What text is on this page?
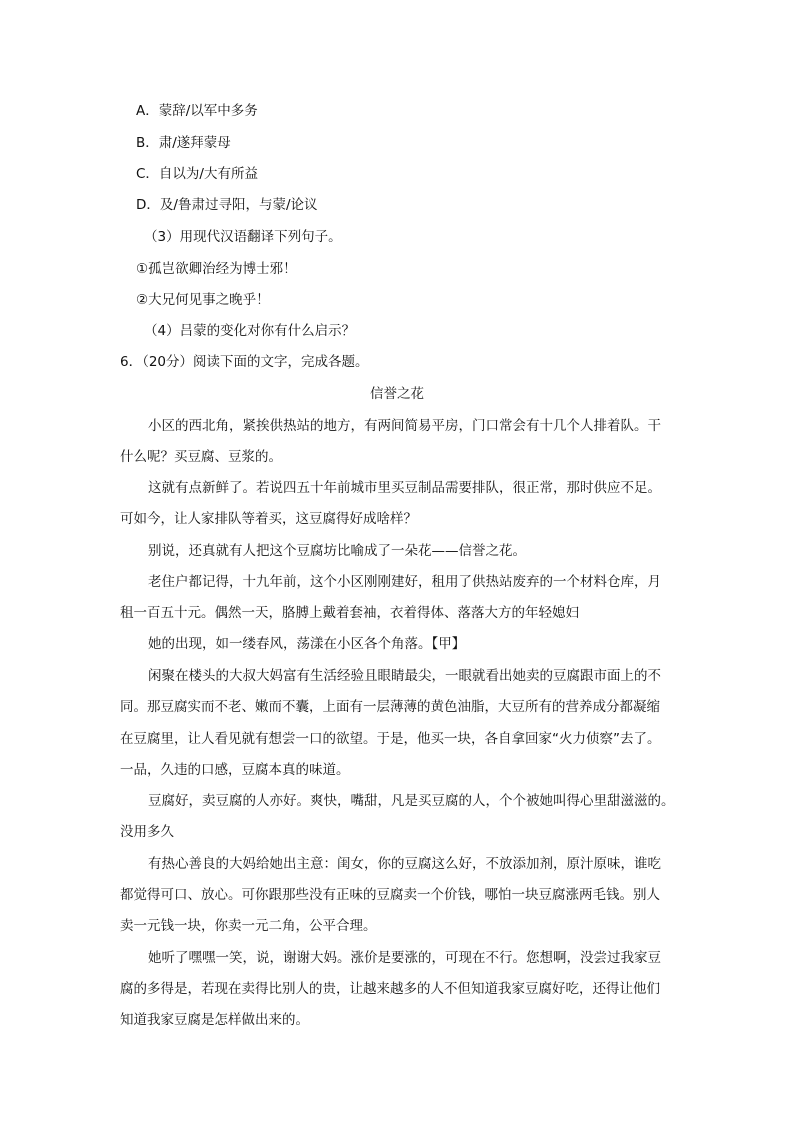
A．蒙辞/以军中多务
B．肃/遂拜蒙母
C．自以为/大有所益
D．及/鲁肃过寻阳，与蒙/论议
（3）用现代汉语翻译下列句子。
①孤岂欲卿治经为博士邪！
②大兄何见事之晚乎！
（4）吕蒙的变化对你有什么启示？
6．（20分）阅读下面的文字，完成各题。
信誉之花
小区的西北角，紧挨供热站的地方，有两间简易平房，门口常会有十几个人排着队。干
什么呢？买豆腐、豆浆的。
这就有点新鲜了。若说四五十年前城市里买豆制品需要排队，很正常，那时供应不足。
可如今，让人家排队等着买，这豆腐得好成啥样？
别说，还真就有人把这个豆腐坊比喻成了一朵花——信誉之花。
老住户都记得，十九年前，这个小区刚刚建好，租用了供热站废弃的一个材料仓库，月
租一百五十元。偶然一天，胳膊上戴着套袖，衣着得体、落落大方的年轻媳妇
她的出现，如一缕春风，荡漾在小区各个角落。【甲】
闲聚在楼头的大叔大妈富有生活经验且眼睛最尖，一眼就看出她卖的豆腐跟市面上的不
同。那豆腐实而不老、嫩而不囊，上面有一层薄薄的黄色油脂，大豆所有的营养成分都凝缩
在豆腐里，让人看见就有想尝一口的欲望。于是，他买一块，各自拿回家“火力侦察”去了。
一品，久违的口感，豆腐本真的味道。
豆腐好，卖豆腐的人亦好。爽快，嘴甜，凡是买豆腐的人，个个被她叫得心里甜滋滋的。
没用多久
有热心善良的大妈给她出主意：闺女，你的豆腐这么好，不放添加剂，原汁原味，谁吃
都觉得可口、放心。可你跟那些没有正味的豆腐卖一个价钱，哪怕一块豆腐涨两毛钱。别人
卖一元钱一块，你卖一元二角，公平合理。
她听了嘿嘿一笑，说，谢谢大妈。涨价是要涨的，可现在不行。您想啊，没尝过我家豆
腐的多得是，若现在卖得比别人的贵，让越来越多的人不但知道我家豆腐好吃，还得让他们
知道我家豆腐是怎样做出来的。
